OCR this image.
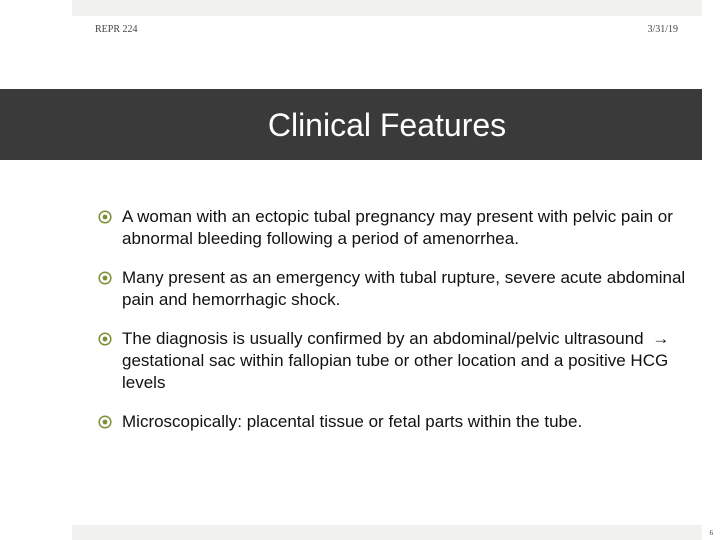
REPR 224	3/31/19
Clinical Features
A woman with an ectopic tubal pregnancy may present with pelvic pain or abnormal bleeding following a period of amenorrhea.
Many present as an emergency with tubal rupture, severe acute abdominal pain and hemorrhagic shock.
The diagnosis is usually confirmed by an abdominal/pelvic ultrasound → gestational sac within fallopian tube or other location and a positive HCG levels
Microscopically: placental tissue or fetal parts within the tube.
6
